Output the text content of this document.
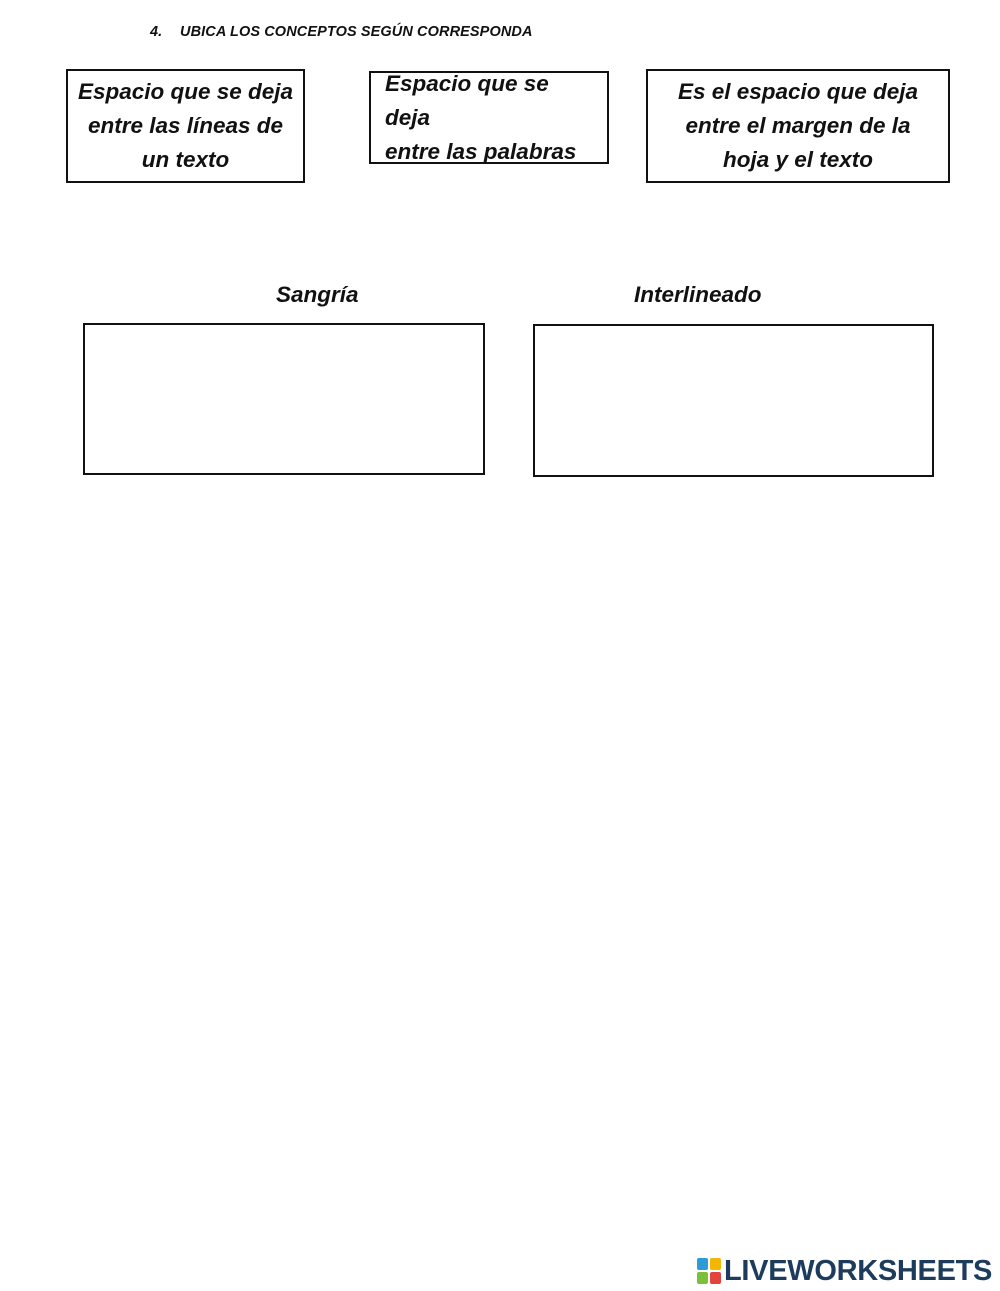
4. UBICA LOS CONCEPTOS SEGÚN CORRESPONDA
Espacio que se deja
entre las líneas de
un texto
Espacio que se deja
entre las palabras
Es el espacio que deja
entre el margen de la
hoja y el texto
Sangría	Interlineado
LIVEWORKSHEETS
